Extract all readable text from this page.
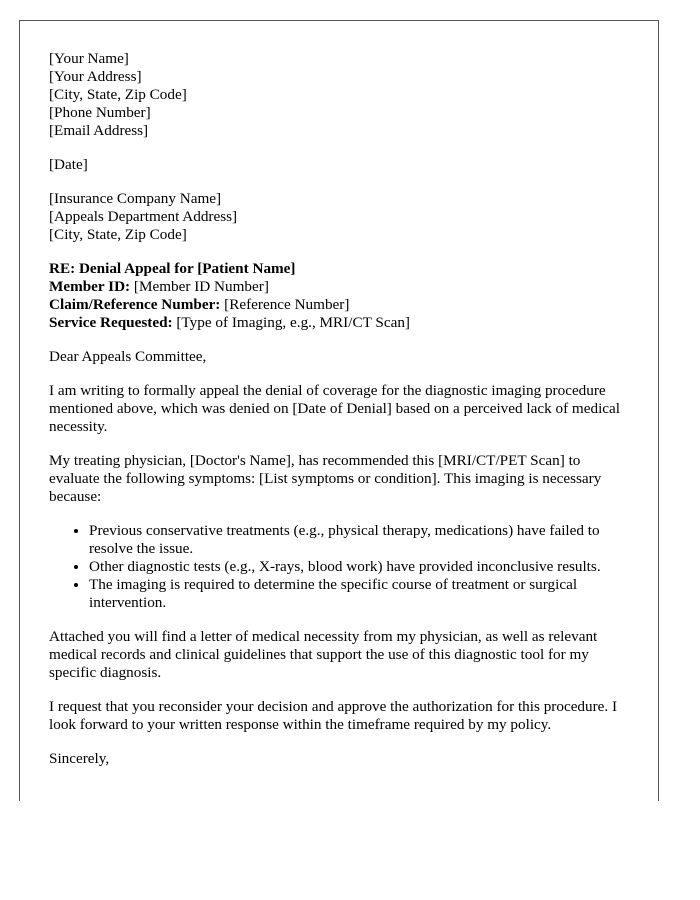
[Your Name]
[Your Address]
[City, State, Zip Code]
[Phone Number]
[Email Address]
[Date]
[Insurance Company Name]
[Appeals Department Address]
[City, State, Zip Code]
RE: Denial Appeal for [Patient Name]
Member ID: [Member ID Number]
Claim/Reference Number: [Reference Number]
Service Requested: [Type of Imaging, e.g., MRI/CT Scan]

Dear Appeals Committee,

I am writing to formally appeal the denial of coverage for the diagnostic imaging procedure mentioned above, which was denied on [Date of Denial] based on a perceived lack of medical necessity.

My treating physician, [Doctor's Name], has recommended this [MRI/CT/PET Scan] to evaluate the following symptoms: [List symptoms or condition]. This imaging is necessary because:

• Previous conservative treatments (e.g., physical therapy, medications) have failed to resolve the issue.
• Other diagnostic tests (e.g., X-rays, blood work) have provided inconclusive results.
• The imaging is required to determine the specific course of treatment or surgical intervention.

Attached you will find a letter of medical necessity from my physician, as well as relevant medical records and clinical guidelines that support the use of this diagnostic tool for my specific diagnosis.

I request that you reconsider your decision and approve the authorization for this procedure. I look forward to your written response within the timeframe required by my policy.

Sincerely,
